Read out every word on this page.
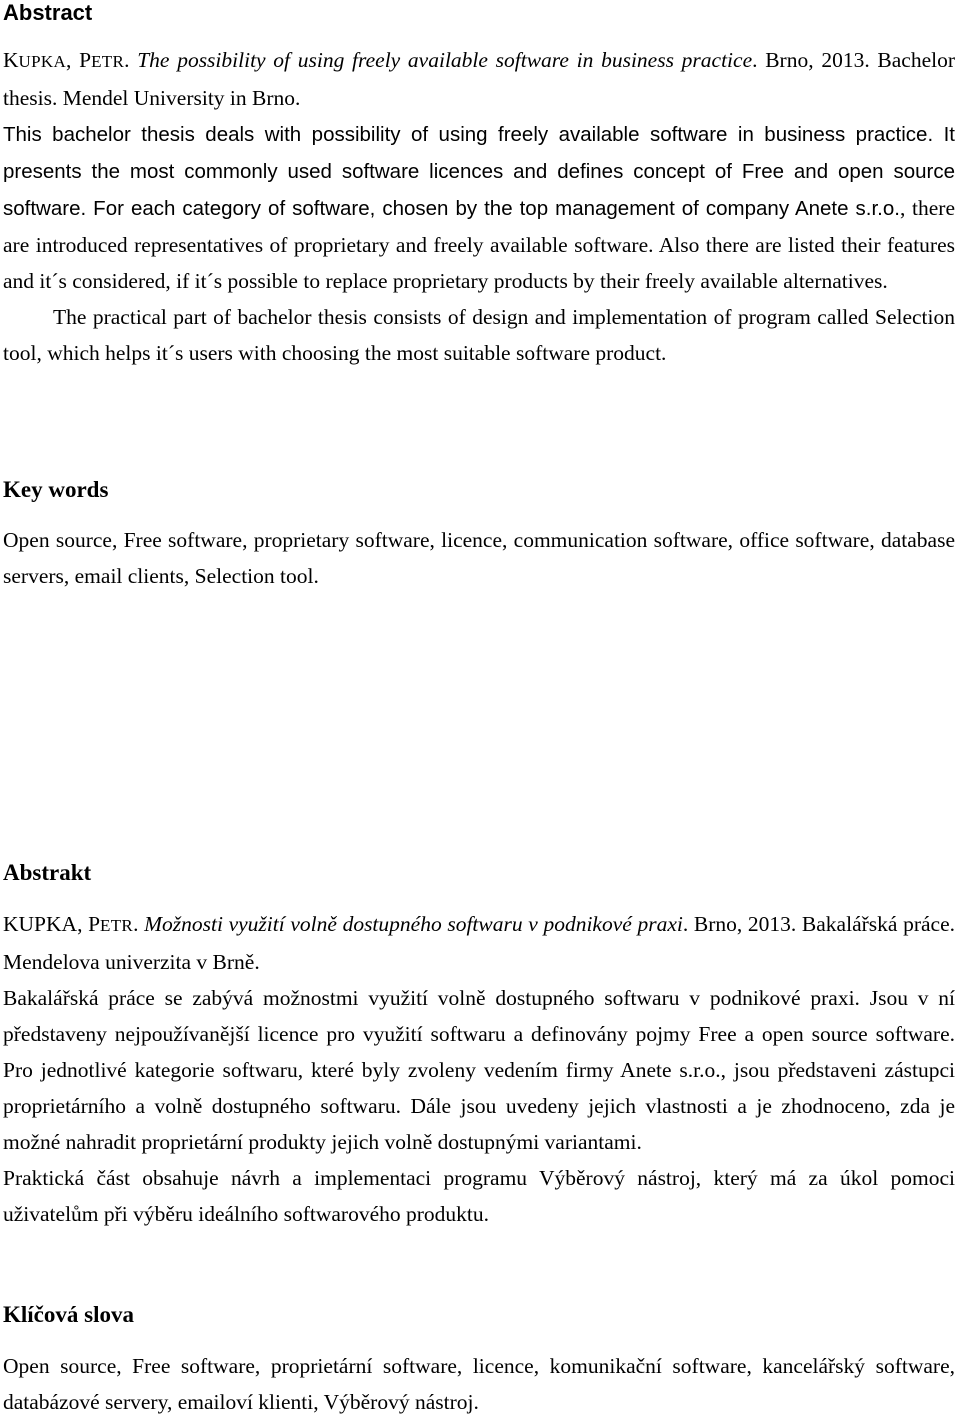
Abstract

KUPKA, PETR. The possibility of using freely available software in business practice. Brno, 2013. Bachelor thesis. Mendel University in Brno.

This bachelor thesis deals with possibility of using freely available software in business practice. It presents the most commonly used software licences and defines concept of Free and open source software. For each category of software, chosen by the top management of company Anete s.r.o., there are introduced representatives of proprietary and freely available software. Also there are listed their features and it´s considered, if it´s possible to replace proprietary products by their freely available alternatives.

The practical part of bachelor thesis consists of design and implementation of program called Selection tool, which helps it´s users with choosing the most suitable software product.

Key words

Open source, Free software, proprietary software, licence, communication software, office software, database servers, email clients, Selection tool.

Abstrakt

KUPKA, PETR. Možnosti využití volně dostupného softwaru v podnikové praxi. Brno, 2013. Bakalářská práce. Mendelova univerzita v Brně.

Bakalářská práce se zabývá možnostmi využití volně dostupného softwaru v podnikové praxi. Jsou v ní představeny nejpoužívanější licence pro využití softwaru a definovány pojmy Free a open source software. Pro jednotlivé kategorie softwaru, které byly zvoleny vedením firmy Anete s.r.o., jsou představeni zástupci proprietárního a volně dostupného softwaru. Dále jsou uvedeny jejich vlastnosti a je zhodnoceno, zda je možné nahradit proprietární produkty jejich volně dostupnými variantami.

Praktická část obsahuje návrh a implementaci programu Výběrový nástroj, který má za úkol pomoci uživatelům při výběru ideálního softwarového produktu.

Klíčová slova

Open source, Free software, proprietární software, licence, komunikační software, kancelářský software, databázové servery, emailoví klienti, Výběrový nástroj.
